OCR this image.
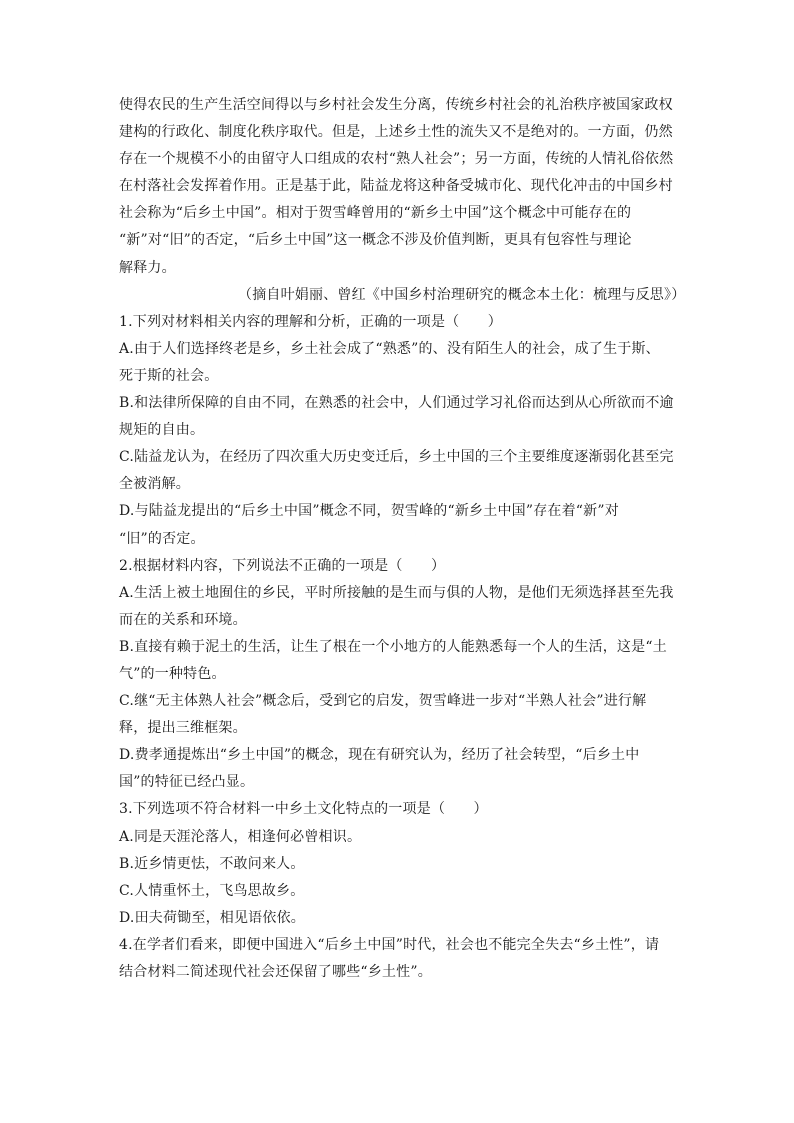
使得农民的生产生活空间得以与乡村社会发生分离，传统乡村社会的礼治秩序被国家政权

建构的行政化、制度化秩序取代。但是，上述乡土性的流失又不是绝对的。一方面，仍然

存在一个规模不小的由留守人口组成的农村“熟人社会”；另一方面，传统的人情礼俗依然

在村落社会发挥着作用。正是基于此，陆益龙将这种备受城市化、现代化冲击的中国乡村

社会称为“后乡土中国”。相对于贺雪峰曾用的“新乡土中国”这个概念中可能存在的

“新”对“旧”的否定，“后乡土中国”这一概念不涉及价值判断，更具有包容性与理论

解释力。

（摘自叶娟丽、曾红《中国乡村治理研究的概念本土化：梳理与反思》）

1.下列对材料相关内容的理解和分析，正确的一项是（　　）

A.由于人们选择终老是乡，乡土社会成了“熟悉”的、没有陌生人的社会，成了生于斯、

死于斯的社会。

B.和法律所保障的自由不同，在熟悉的社会中，人们通过学习礼俗而达到从心所欲而不逾

规矩的自由。

C.陆益龙认为，在经历了四次重大历史变迁后，乡土中国的三个主要维度逐渐弱化甚至完

全被消解。

D.与陆益龙提出的“后乡土中国”概念不同，贺雪峰的“新乡土中国”存在着“新”对

“旧”的否定。

2.根据材料内容，下列说法不正确的一项是（　　）

A.生活上被土地囿住的乡民，平时所接触的是生而与俱的人物，是他们无须选择甚至先我

而在的关系和环境。

B.直接有赖于泥土的生活，让生了根在一个小地方的人能熟悉每一个人的生活，这是“土

气”的一种特色。

C.继“无主体熟人社会”概念后，受到它的启发，贺雪峰进一步对“半熟人社会”进行解

释，提出三维框架。

D.费孝通提炼出“乡土中国”的概念，现在有研究认为，经历了社会转型，“后乡土中

国”的特征已经凸显。

3.下列选项不符合材料一中乡土文化特点的一项是（　　）

A.同是天涯沦落人，相逢何必曾相识。

B.近乡情更怯，不敢问来人。

C.人情重怀土，飞鸟思故乡。

D.田夫荷锄至，相见语依依。

4.在学者们看来，即便中国进入“后乡土中国”时代，社会也不能完全失去“乡土性”，请

结合材料二简述现代社会还保留了哪些“乡土性”。
